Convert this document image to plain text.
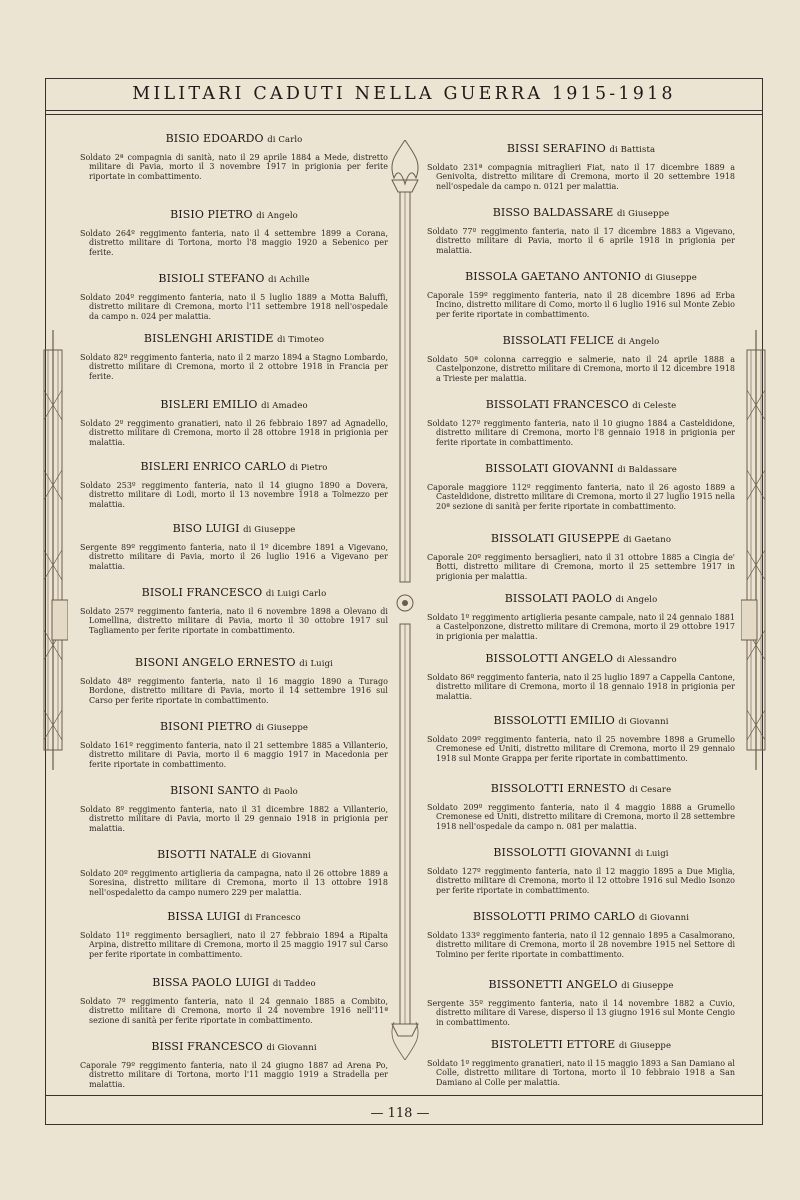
MILITARI CADUTI NELLA GUERRA 1915-1918
BISIO EDOARDO di Carlo
Soldato 2ª compagnia di sanità, nato il 29 aprile 1884 a Mede, distretto militare di Pavia, morto il 3 novembre 1917 in prigionia per ferite riportate in combattimento.
BISIO PIETRO di Angelo
Soldato 264º reggimento fanteria, nato il 4 settembre 1899 a Corana, distretto militare di Tortona, morto l'8 maggio 1920 a Sebenico per ferite.
BISIOLI STEFANO di Achille
Soldato 204º reggimento fanteria, nato il 5 luglio 1889 a Motta Baluffi, distretto militare di Cremona, morto l'11 settembre 1918 nell'ospedale da campo n. 024 per malattia.
BISLENGHI ARISTIDE di Timoteo
Soldato 82º reggimento fanteria, nato il 2 marzo 1894 a Stagno Lombardo, distretto militare di Cremona, morto il 2 ottobre 1918 in Francia per ferite.
BISLERI EMILIO di Amadeo
Soldato 2º reggimento granatieri, nato il 26 febbraio 1897 ad Agnadello, distretto militare di Cremona, morto il 28 ottobre 1918 in prigionia per malattia.
BISLERI ENRICO CARLO di Pietro
Soldato 253º reggimento fanteria, nato il 14 giugno 1890 a Dovera, distretto militare di Lodi, morto il 13 novembre 1918 a Tolmezzo per malattia.
BISO LUIGI di Giuseppe
Sergente 89º reggimento fanteria, nato il 1º dicembre 1891 a Vigevano, distretto militare di Pavia, morto il 26 luglio 1916 a Vigevano per malattia.
BISOLI FRANCESCO di Luigi Carlo
Soldato 257º reggimento fanteria, nato il 6 novembre 1898 a Olevano di Lomellina, distretto militare di Pavia, morto il 30 ottobre 1917 sul Tagliamento per ferite riportate in combattimento.
BISONI ANGELO ERNESTO di Luigi
Soldato 48º reggimento fanteria, nato il 16 maggio 1890 a Turago Bordone, distretto militare di Pavia, morto il 14 settembre 1916 sul Carso per ferite riportate in combattimento.
BISONI PIETRO di Giuseppe
Soldato 161º reggimento fanteria, nato il 21 settembre 1885 a Villanterio, distretto militare di Pavia, morto il 6 maggio 1917 in Macedonia per ferite riportate in combattimento.
BISONI SANTO di Paolo
Soldato 8º reggimento fanteria, nato il 31 dicembre 1882 a Villanterio, distretto militare di Pavia, morto il 29 gennaio 1918 in prigionia per malattia.
BISOTTI NATALE di Giovanni
Soldato 20º reggimento artiglieria da campagna, nato il 26 ottobre 1889 a Soresina, distretto militare di Cremona, morto il 13 ottobre 1918 nell'ospedaletto da campo numero 229 per malattia.
BISSA LUIGI di Francesco
Soldato 11º reggimento bersaglieri, nato il 27 febbraio 1894 a Ripalta Arpina, distretto militare di Cremona, morto il 25 maggio 1917 sul Carso per ferite riportate in combattimento.
BISSA PAOLO LUIGI di Taddeo
Soldato 7º reggimento fanteria, nato il 24 gennaio 1885 a Combito, distretto militare di Cremona, morto il 24 novembre 1916 nell'11ª sezione di sanità per ferite riportate in combattimento.
BISSI FRANCESCO di Giovanni
Caporale 79º reggimento fanteria, nato il 24 giugno 1887 ad Arena Po, distretto militare di Tortona, morto l'11 maggio 1919 a Stradella per malattia.
BISSI SERAFINO di Battista
Soldato 231ª compagnia mitraglieri Fiat, nato il 17 dicembre 1889 a Genivolta, distretto militare di Cremona, morto il 20 settembre 1918 nell'ospedale da campo n. 0121 per malattia.
BISSO BALDASSARE di Giuseppe
Soldato 77º reggimento fanteria, nato il 17 dicembre 1883 a Vigevano, distretto militare di Pavia, morto il 6 aprile 1918 in prigionia per malattia.
BISSOLA GAETANO ANTONIO di Giuseppe
Caporale 159º reggimento fanteria, nato il 28 dicembre 1896 ad Erba Incino, distretto militare di Como, morto il 6 luglio 1916 sul Monte Zebio per ferite riportate in combattimento.
BISSOLATI FELICE di Angelo
Soldato 50ª colonna carreggio e salmerie, nato il 24 aprile 1888 a Castelponzone, distretto militare di Cremona, morto il 12 dicembre 1918 a Trieste per malattia.
BISSOLATI FRANCESCO di Celeste
Soldato 127º reggimento fanteria, nato il 10 giugno 1884 a Casteldidone, distretto militare di Cremona, morto l'8 gennaio 1918 in prigionia per ferite riportate in combattimento.
BISSOLATI GIOVANNI di Baldassare
Caporale maggiore 112º reggimento fanteria, nato il 26 agosto 1889 a Casteldidone, distretto militare di Cremona, morto il 27 luglio 1915 nella 20ª sezione di sanità per ferite riportate in combattimento.
BISSOLATI GIUSEPPE di Gaetano
Caporale 20º reggimento bersaglieri, nato il 31 ottobre 1885 a Cingia de' Botti, distretto militare di Cremona, morto il 25 settembre 1917 in prigionia per malattia.
BISSOLATI PAOLO di Angelo
Soldato 1º reggimento artiglieria pesante campale, nato il 24 gennaio 1881 a Castelponzone, distretto militare di Cremona, morto il 29 ottobre 1917 in prigionia per malattia.
BISSOLOTTI ANGELO di Alessandro
Soldato 86º reggimento fanteria, nato il 25 luglio 1897 a Cappella Cantone, distretto militare di Cremona, morto il 18 gennaio 1918 in prigionia per malattia.
BISSOLOTTI EMILIO di Giovanni
Soldato 209º reggimento fanteria, nato il 25 novembre 1898 a Grumello Cremonese ed Uniti, distretto militare di Cremona, morto il 29 gennaio 1918 sul Monte Grappa per ferite riportate in combattimento.
BISSOLOTTI ERNESTO di Cesare
Soldato 209º reggimento fanteria, nato il 4 maggio 1888 a Grumello Cremonese ed Uniti, distretto militare di Cremona, morto il 28 settembre 1918 nell'ospedale da campo n. 081 per malattia.
BISSOLOTTI GIOVANNI di Luigi
Soldato 127º reggimento fanteria, nato il 12 maggio 1895 a Due Miglia, distretto militare di Cremona, morto il 12 ottobre 1916 sul Medio Isonzo per ferite riportate in combattimento.
BISSOLOTTI PRIMO CARLO di Giovanni
Soldato 133º reggimento fanteria, nato il 12 gennaio 1895 a Casalmorano, distretto militare di Cremona, morto il 28 novembre 1915 nel Settore di Tolmino per ferite riportate in combattimento.
BISSONETTI ANGELO di Giuseppe
Sergente 35º reggimento fanteria, nato il 14 novembre 1882 a Cuvio, distretto militare di Varese, disperso il 13 giugno 1916 sul Monte Cengio in combattimento.
BISTOLETTI ETTORE di Giuseppe
Soldato 1º reggimento granatieri, nato il 15 maggio 1893 a San Damiano al Colle, distretto militare di Tortona, morto il 10 febbraio 1918 a San Damiano al Colle per malattia.
— 118 —
